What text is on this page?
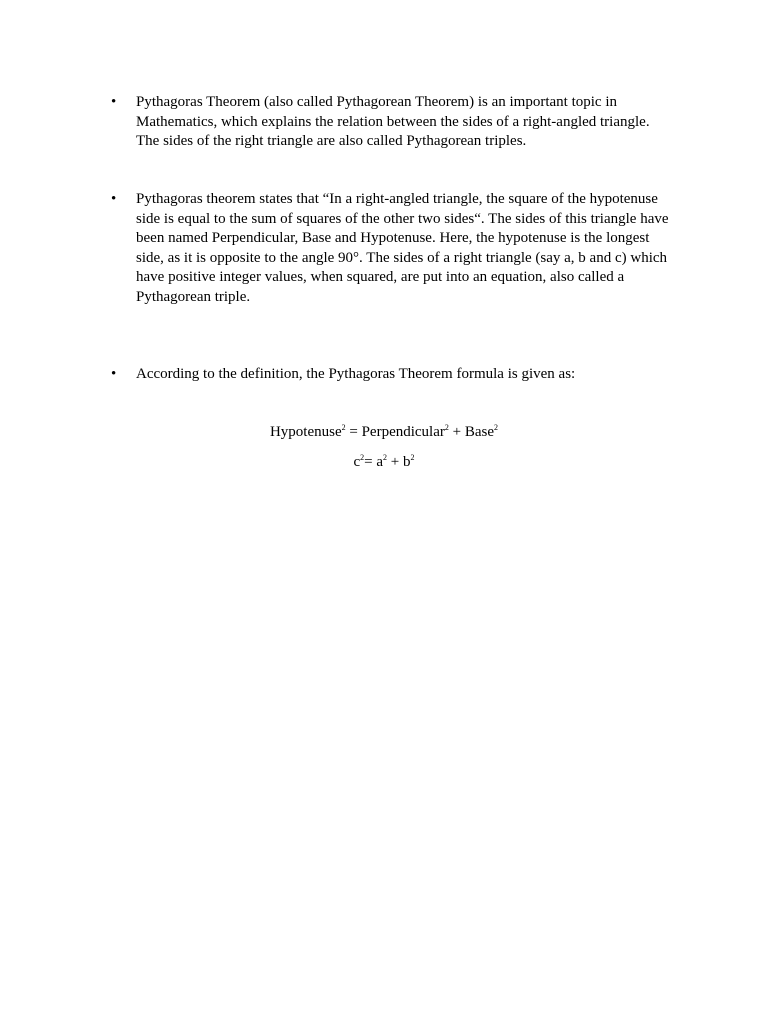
• Pythagoras Theorem (also called Pythagorean Theorem) is an important topic in Mathematics, which explains the relation between the sides of a right-angled triangle. The sides of the right triangle are also called Pythagorean triples.

• Pythagoras theorem states that “In a right-angled triangle, the square of the hypotenuse side is equal to the sum of squares of the other two sides“. The sides of this triangle have been named Perpendicular, Base and Hypotenuse. Here, the hypotenuse is the longest side, as it is opposite to the angle 90°. The sides of a right triangle (say a, b and c) which have positive integer values, when squared, are put into an equation, also called a Pythagorean triple.

• According to the definition, the Pythagoras Theorem formula is given as:

Hypotenuse$^2$ = Perpendicular$^2$ + Base$^2$
$c^2= a^2 + b^2$
